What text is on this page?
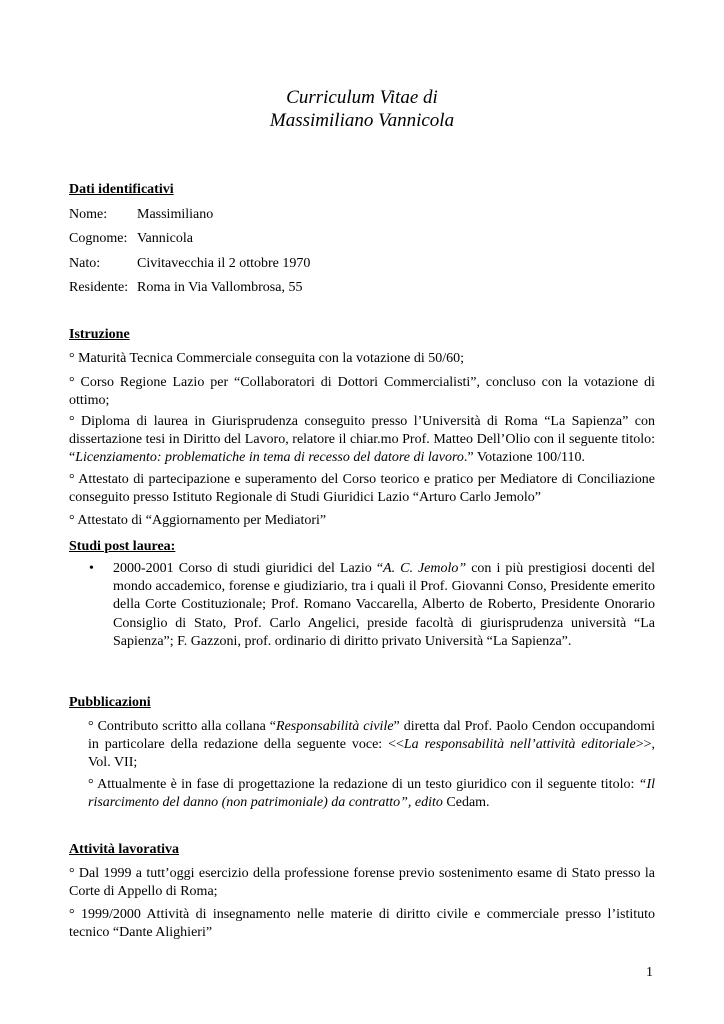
Curriculum Vitae di
Massimiliano Vannicola
Dati identificativi
Nome: Massimiliano
Cognome: Vannicola
Nato:	Civitavecchia il 2 ottobre 1970
Residente: Roma in Via Vallombrosa, 55
Istruzione
° Maturità Tecnica Commerciale conseguita con la votazione di 50/60;
° Corso Regione Lazio per “Collaboratori di Dottori Commercialisti”, concluso con la votazione di ottimo;
° Diploma di laurea in Giurisprudenza conseguito presso l’Università di Roma “La Sapienza” con dissertazione tesi in Diritto del Lavoro, relatore il chiar.mo Prof. Matteo Dell’Olio con il seguente titolo: “Licenziamento: problematiche in tema di recesso del datore di lavoro.” Votazione 100/110.
° Attestato di partecipazione e superamento del Corso teorico e pratico per Mediatore di Conciliazione conseguito presso Istituto Regionale di Studi Giuridici Lazio “Arturo Carlo Jemolo”
° Attestato di “Aggiornamento per Mediatori”
Studi post laurea:
• 2000-2001 Corso di studi giuridici del Lazio “A. C. Jemolo” con i più prestigiosi docenti del mondo accademico, forense e giudiziario, tra i quali il Prof. Giovanni Conso, Presidente emerito della Corte Costituzionale; Prof. Romano Vaccarella, Alberto de Roberto, Presidente Onorario Consiglio di Stato, Prof. Carlo Angelici, preside facoltà di giurisprudenza università “La Sapienza”; F. Gazzoni, prof. ordinario di diritto privato Università “La Sapienza”.
Pubblicazioni
° Contributo scritto alla collana “Responsabilità civile” diretta dal Prof. Paolo Cendon occupandomi in particolare della redazione della seguente voce: <<La responsabilità nell’attività editoriale>>, Vol. VII;
° Attualmente è in fase di progettazione la redazione di un testo giuridico con il seguente titolo: “Il risarcimento del danno (non patrimoniale) da contratto”, edito Cedam.
Attività lavorativa
° Dal 1999 a tutt’oggi esercizio della professione forense previo sostenimento esame di Stato presso la Corte di Appello di Roma;
° 1999/2000 Attività di insegnamento nelle materie di diritto civile e commerciale presso l’istituto tecnico “Dante Alighieri”
1
